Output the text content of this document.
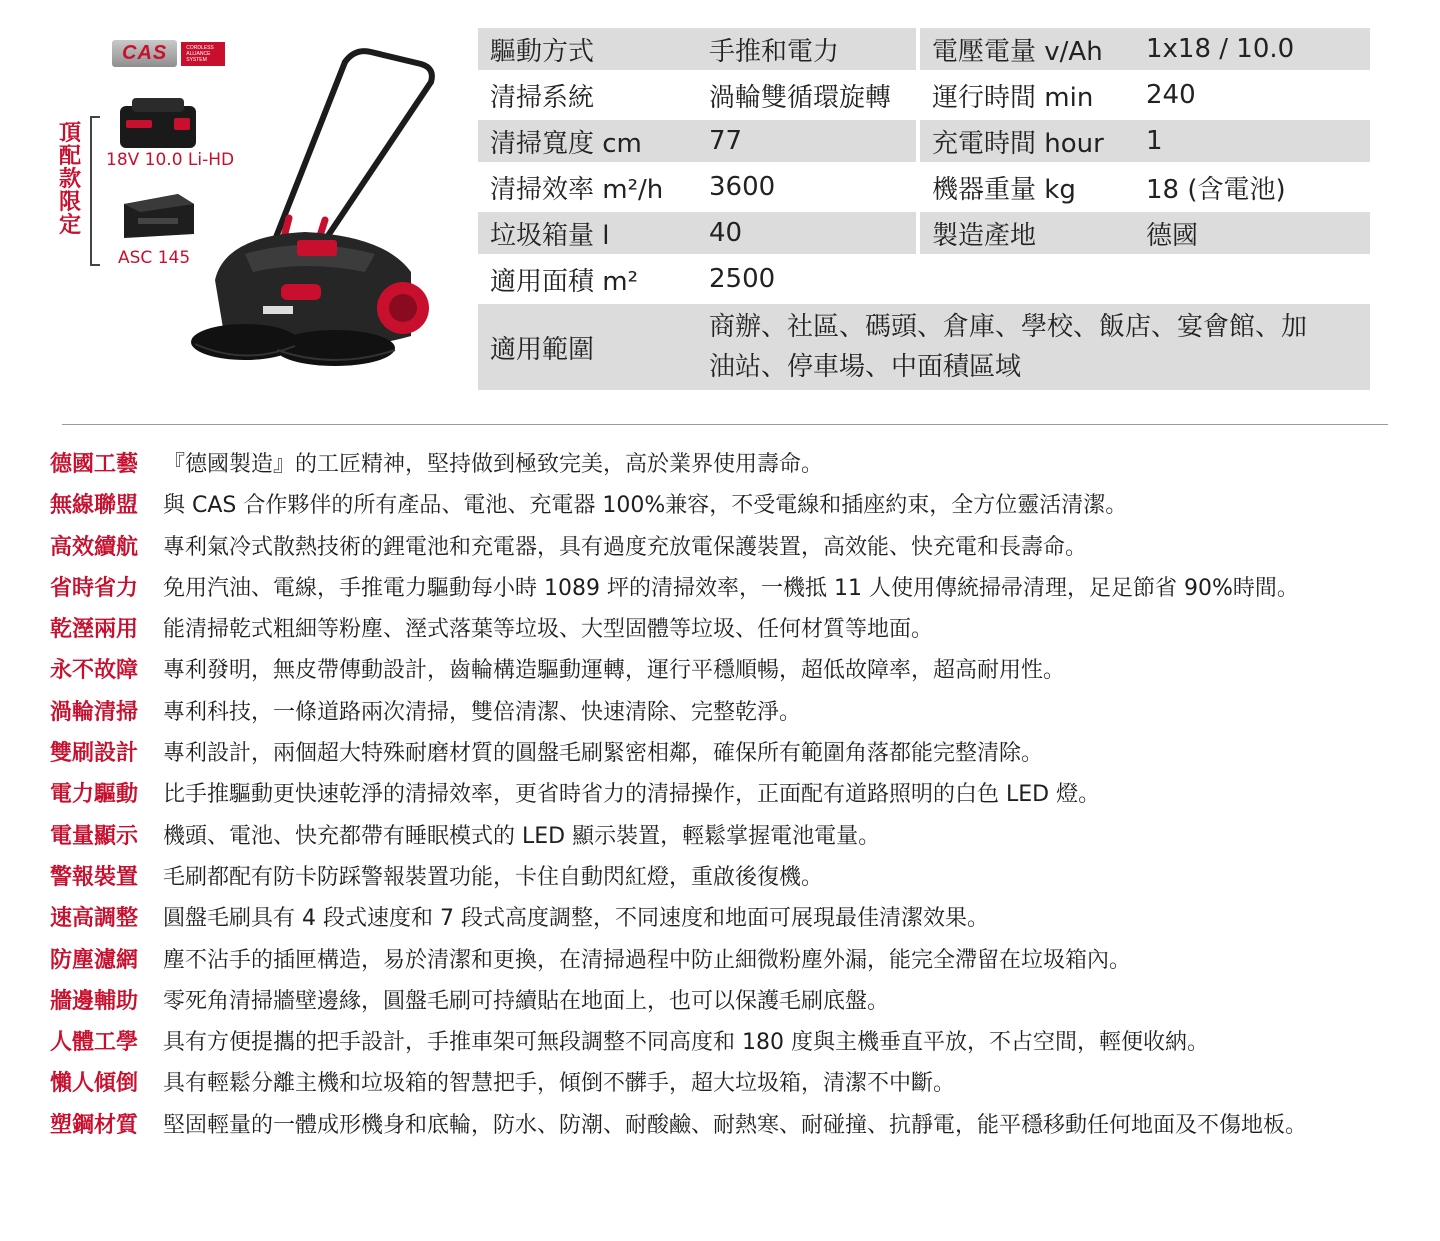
CAS	CORDLESS ALLIANCE SYSTEM
頂配款限定
18V 10.0 Li-HD
ASC 145
驅動方式	手推和電力		電壓電量 v/Ah	1x18 / 10.0
清掃系統	渦輪雙循環旋轉		運行時間 min	240
清掃寬度 cm	77		充電時間 hour	1
清掃效率 m²/h	3600		機器重量 kg	18 (含電池)
垃圾箱量 l	40		製造產地	德國
適用面積 m²	2500			
適用範圍	商辦、社區、碼頭、倉庫、學校、飯店、宴會館、加油站、停車場、中面積區域			
德國工藝	『德國製造』的工匠精神，堅持做到極致完美，高於業界使用壽命。
無線聯盟	與 CAS 合作夥伴的所有產品、電池、充電器 100%兼容，不受電線和插座約束，全方位靈活清潔。
高效續航	專利氣冷式散熱技術的鋰電池和充電器，具有過度充放電保護裝置，高效能、快充電和長壽命。
省時省力	免用汽油、電線，手推電力驅動每小時 1089 坪的清掃效率，一機抵 11 人使用傳統掃帚清理，足足節省 90%時間。
乾溼兩用	能清掃乾式粗細等粉塵、溼式落葉等垃圾、大型固體等垃圾、任何材質等地面。
永不故障	專利發明，無皮帶傳動設計，齒輪構造驅動運轉，運行平穩順暢，超低故障率，超高耐用性。
渦輪清掃	專利科技，一條道路兩次清掃，雙倍清潔、快速清除、完整乾淨。
雙刷設計	專利設計，兩個超大特殊耐磨材質的圓盤毛刷緊密相鄰，確保所有範圍角落都能完整清除。
電力驅動	比手推驅動更快速乾淨的清掃效率，更省時省力的清掃操作，正面配有道路照明的白色 LED 燈。
電量顯示	機頭、電池、快充都帶有睡眠模式的 LED 顯示裝置，輕鬆掌握電池電量。
警報裝置	毛刷都配有防卡防踩警報裝置功能，卡住自動閃紅燈，重啟後復機。
速高調整	圓盤毛刷具有 4 段式速度和 7 段式高度調整，不同速度和地面可展現最佳清潔效果。
防塵濾網	塵不沾手的插匣構造，易於清潔和更換，在清掃過程中防止細微粉塵外漏，能完全滯留在垃圾箱內。
牆邊輔助	零死角清掃牆壁邊緣，圓盤毛刷可持續貼在地面上，也可以保護毛刷底盤。
人體工學	具有方便提攜的把手設計，手推車架可無段調整不同高度和 180 度與主機垂直平放，不占空間，輕便收納。
懶人傾倒	具有輕鬆分離主機和垃圾箱的智慧把手，傾倒不髒手，超大垃圾箱，清潔不中斷。
塑鋼材質	堅固輕量的一體成形機身和底輪，防水、防潮、耐酸鹼、耐熱寒、耐碰撞、抗靜電，能平穩移動任何地面及不傷地板。
